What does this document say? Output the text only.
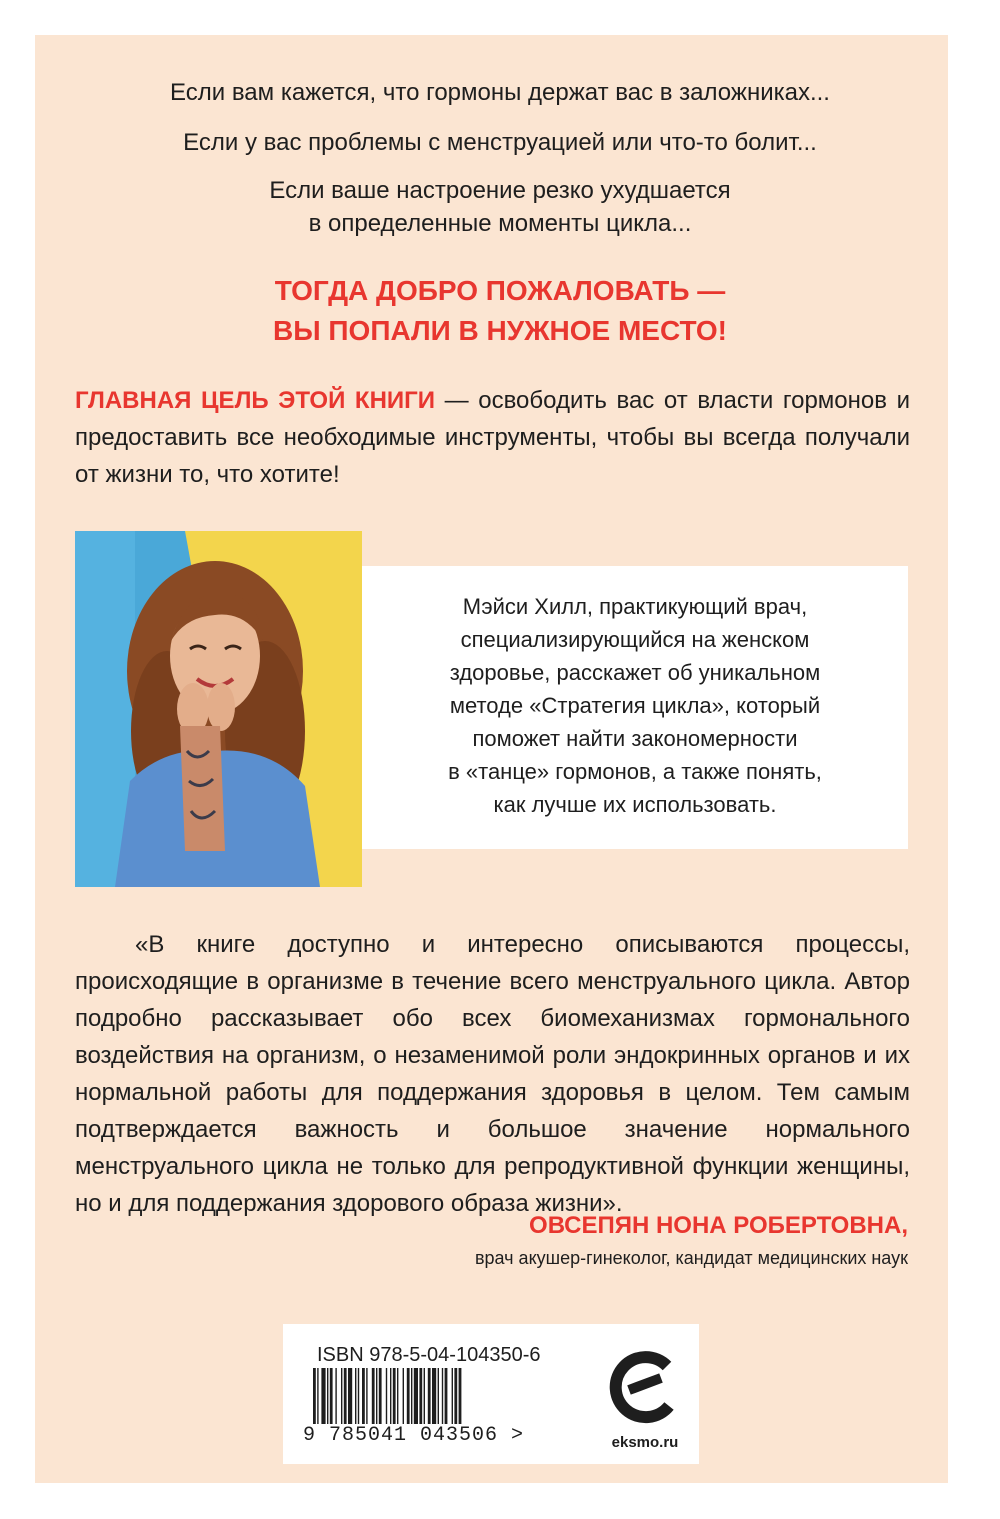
Если вам кажется, что гормоны держат вас в заложниках...
Если у вас проблемы с менструацией или что-то болит...
Если ваше настроение резко ухудшается
в определенные моменты цикла...
ТОГДА ДОБРО ПОЖАЛОВАТЬ —
ВЫ ПОПАЛИ В НУЖНОЕ МЕСТО!
ГЛАВНАЯ ЦЕЛЬ ЭТОЙ КНИГИ — освободить вас от власти гормонов и предоставить все необходимые инструменты, чтобы вы всегда получали от жизни то, что хотите!
Мэйси Хилл, практикующий врач,
специализирующийся на женском
здоровье, расскажет об уникальном
методе «Стратегия цикла», который
поможет найти закономерности
в «танце» гормонов, а также понять,
как лучше их использовать.
«В книге доступно и интересно описываются процессы, происходящие в организме в течение всего менструального цикла. Автор подробно рассказывает обо всех биомеханизмах гормонального воздействия на организм, о незаменимой роли эндокринных органов и их нормальной работы для поддержания здоровья в целом. Тем самым подтверждается важность и большое значение нормального менструального цикла не только для репродуктивной функции женщины, но и для поддержания здорового образа жизни».
ОВСЕПЯН НОНА РОБЕРТОВНА,
врач акушер-гинеколог, кандидат медицинских наук
ISBN 978-5-04-104350-6
9 785041 043506 >	eksmo.ru
